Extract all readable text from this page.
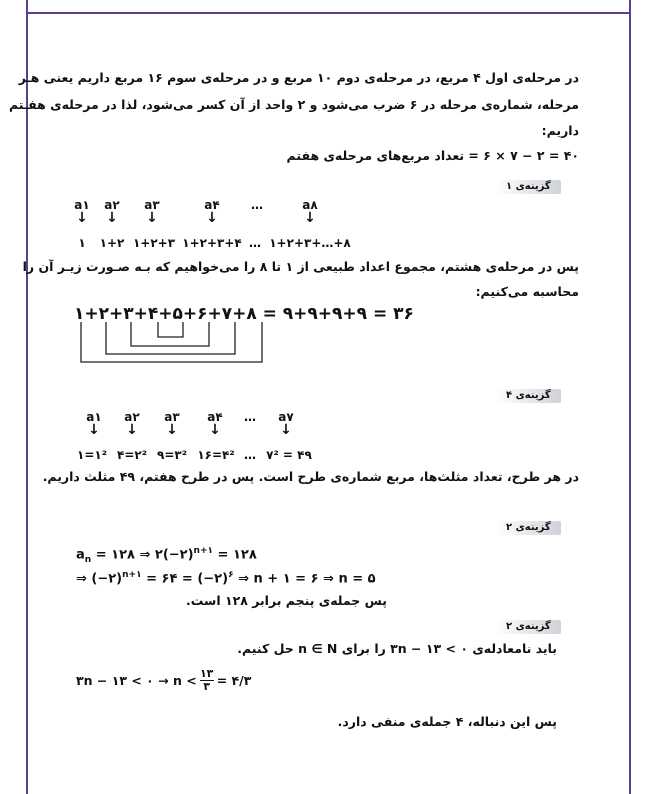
در مرحله‌ی اول ۴ مربع، در مرحله‌ی دوم ۱۰ مربع و در مرحله‌ی سوم ۱۶ مربع داریم یعنی هـر
مرحله، شماره‌ی مرحله در ۶ ضرب می‌شود و ۲ واحد از آن کسر می‌شود، لذا در مرحله‌ی هفـتم
داریم:
۴۰ = ۲ − ۷ × ۶ = تعداد مربع‌های مرحله‌ی هفتم
گزینه‌ی ۱
a۱	a۲	a۳	a۴	…	a۸
↓ ↓ ↓	↓	↓
۱	۱+۲ ۱+۲+۳ ۱+۲+۳+۴ … ۱+۲+۳+…+۸
پس در مرحله‌ی هشتم، مجموع اعداد طبیعی از ۱ تا ۸ را می‌خواهیم که بـه صـورت زیـر آن را
محاسبه می‌کنیم:
۱+۲+۳+۴+۵+۶+۷+۸ = ۹+۹+۹+۹ = ۳۶
گزینه‌ی ۴
a۱	a۲	a۳	a۴	…	a۷
↓ ↓ ↓ ↓	↓
۱=۱² ۴=۲² ۹=۳² ۱۶=۴² … ۷² = ۴۹
در هر طرح، تعداد مثلث‌ها، مربع شماره‌ی طرح است. پس در طرح هفتم، ۴۹ مثلث داریم.
گزینه‌ی ۲
$a_n$ = ۱۲۸ ⇒ ۲(−۲)$^{n+۱}$ = ۱۲۸
⇒ (−۲)$^{n+۱}$ = ۶۴ = (−۲)$^۶$ ⇒ n + ۱ = ۶ ⇒ n = ۵
پس جمله‌ی پنجم برابر ۱۲۸ است.
گزینه‌ی ۲
باید نامعادله‌ی ۰ > ۱۳ − ۳n را برای n ∈ N حل کنیم.
۳n − ۱۳ < ۰ → n < ۱۳
۳ = ۴/۳
پس این دنباله، ۴ جمله‌ی منفی دارد.
